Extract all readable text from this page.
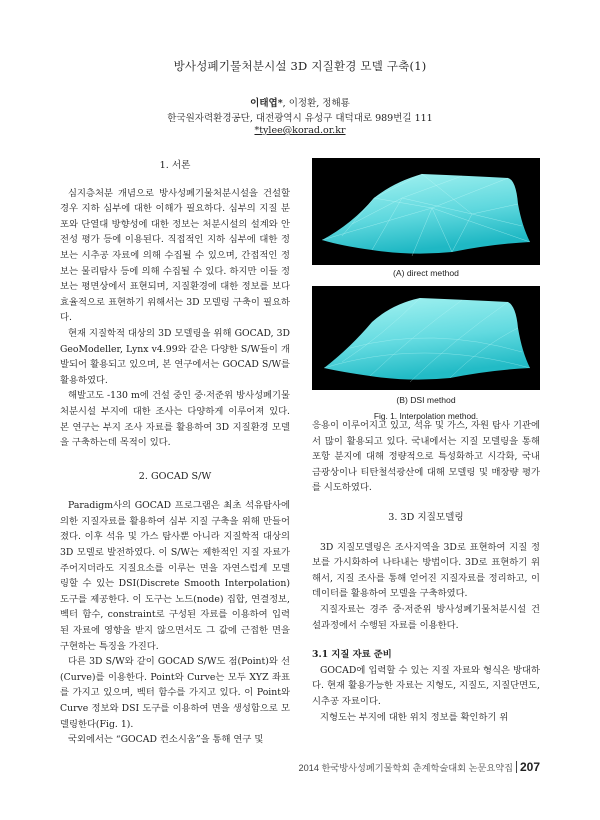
방사성폐기물처분시설 3D 지질환경 모델 구축(1)
이태엽*, 이정환, 정해룡
한국원자력환경공단, 대전광역시 유성구 대덕대로 989번길 111
*tylee@korad.or.kr
1. 서론

심지층처분 개념으로 방사성폐기물처분시설을 건설할 경우 지하 심부에 대한 이해가 필요하다. 심부의 지질 분포와 단열대 방향성에 대한 정보는 처분시설의 설계와 안전성 평가 등에 이용된다. 직접적인 지하 심부에 대한 정보는 시추공 자료에 의해 수집될 수 있으며, 간접적인 정보는 물리탐사 등에 의해 수집될 수 있다. 하지만 이들 정보는 평면상에서 표현되며, 지질환경에 대한 정보를 보다 효율적으로 표현하기 위해서는 3D 모델링 구축이 필요하다.

현재 지질학적 대상의 3D 모델링을 위해 GOCAD, 3D GeoModeller, Lynx v4.99와 같은 다양한 S/W들이 개발되어 활용되고 있으며, 본 연구에서는 GOCAD S/W를 활용하였다.

해발고도 -130 m에 건설 중인 중·저준위 방사성폐기물처분시설 부지에 대한 조사는 다양하게 이루어져 있다. 본 연구는 부지 조사 자료를 활용하여 3D 지질환경 모델을 구축하는데 목적이 있다.

2. GOCAD S/W

Paradigm사의 GOCAD 프로그램은 최초 석유탐사에 의한 지질자료를 활용하여 심부 지질 구축을 위해 만들어졌다. 이후 석유 및 가스 탐사뿐 아니라 지질학적 대상의 3D 모델로 발전하였다. 이 S/W는 제한적인 지질 자료가 주어지더라도 지질요소를 이루는 면을 자연스럽게 모델링할 수 있는 DSI(Discrete Smooth Interpolation) 도구를 제공한다. 이 도구는 노드(node) 집합, 연결정보, 벡터 함수, constraint로 구성된 자료를 이용하여 입력된 자료에 영향을 받지 않으면서도 그 값에 근접한 면을 구현하는 특징을 가진다.

다른 3D S/W와 같이 GOCAD S/W도 점(Point)와 선(Curve)를 이용한다. Point와 Curve는 모두 XYZ 좌표를 가지고 있으며, 벡터 함수를 가지고 있다. 이 Point와 Curve 정보와 DSI 도구를 이용하여 면을 생성함으로 모델링한다(Fig. 1).

국외에서는 “GOCAD 컨소시움”을 통해 연구 및

(A) direct method
(B) DSI method
Fig. 1. Interpolation method.

응용이 이루어지고 있고, 석유 및 가스, 자원 탐사 기관에서 많이 활용되고 있다. 국내에서는 지질 모델링을 통해 포항 분지에 대해 정량적으로 특성화하고 시각화, 국내 금광상이나 티탄철석광산에 대해 모델링 및 매장량 평가를 시도하였다.

3. 3D 지질모델링

3D 지질모델링은 조사지역을 3D로 표현하여 지질 정보를 가시화하여 나타내는 방법이다. 3D로 표현하기 위해서, 지질 조사를 통해 얻어진 지질자료를 정리하고, 이 데이터를 활용하여 모델을 구축하였다.

지질자료는 경주 중·저준위 방사성폐기물처분시설 건설과정에서 수행된 자료를 이용한다.

3.1 지질 자료 준비

GOCAD에 입력할 수 있는 지질 자료와 형식은 방대하다. 현재 활용가능한 자료는 지형도, 지질도, 지질단면도, 시추공 자료이다.

지형도는 부지에 대한 위치 정보를 확인하기 위

2014 한국방사성폐기물학회 춘계학술대회 논문요약집 207
